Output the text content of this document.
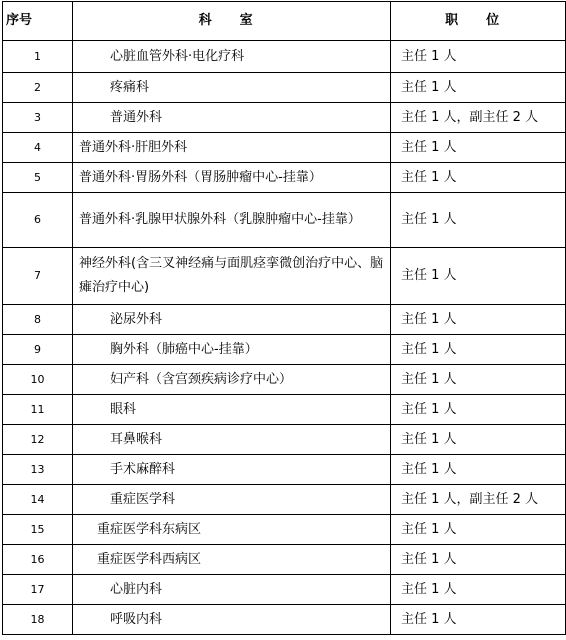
序号	科 室	职 位
1	心脏血管外科·电化疗科	主任 1 人
2	疼痛科	主任 1 人
3	普通外科	主任 1 人，副主任 2 人
4	普通外科·肝胆外科	主任 1 人
5	普通外科·胃肠外科（胃肠肿瘤中心-挂靠）	主任 1 人
6	普通外科·乳腺甲状腺外科（乳腺肿瘤中心-挂靠）	主任 1 人
7	神经外科(含三叉神经痛与面肌痉挛微创治疗中心、脑瘫治疗中心)	主任 1 人
8	泌尿外科	主任 1 人
9	胸外科（肺癌中心-挂靠）	主任 1 人
10	妇产科（含宫颈疾病诊疗中心）	主任 1 人
11	眼科	主任 1 人
12	耳鼻喉科	主任 1 人
13	手术麻醉科	主任 1 人
14	重症医学科	主任 1 人，副主任 2 人
15	重症医学科东病区	主任 1 人
16	重症医学科西病区	主任 1 人
17	心脏内科	主任 1 人
18	呼吸内科	主任 1 人
